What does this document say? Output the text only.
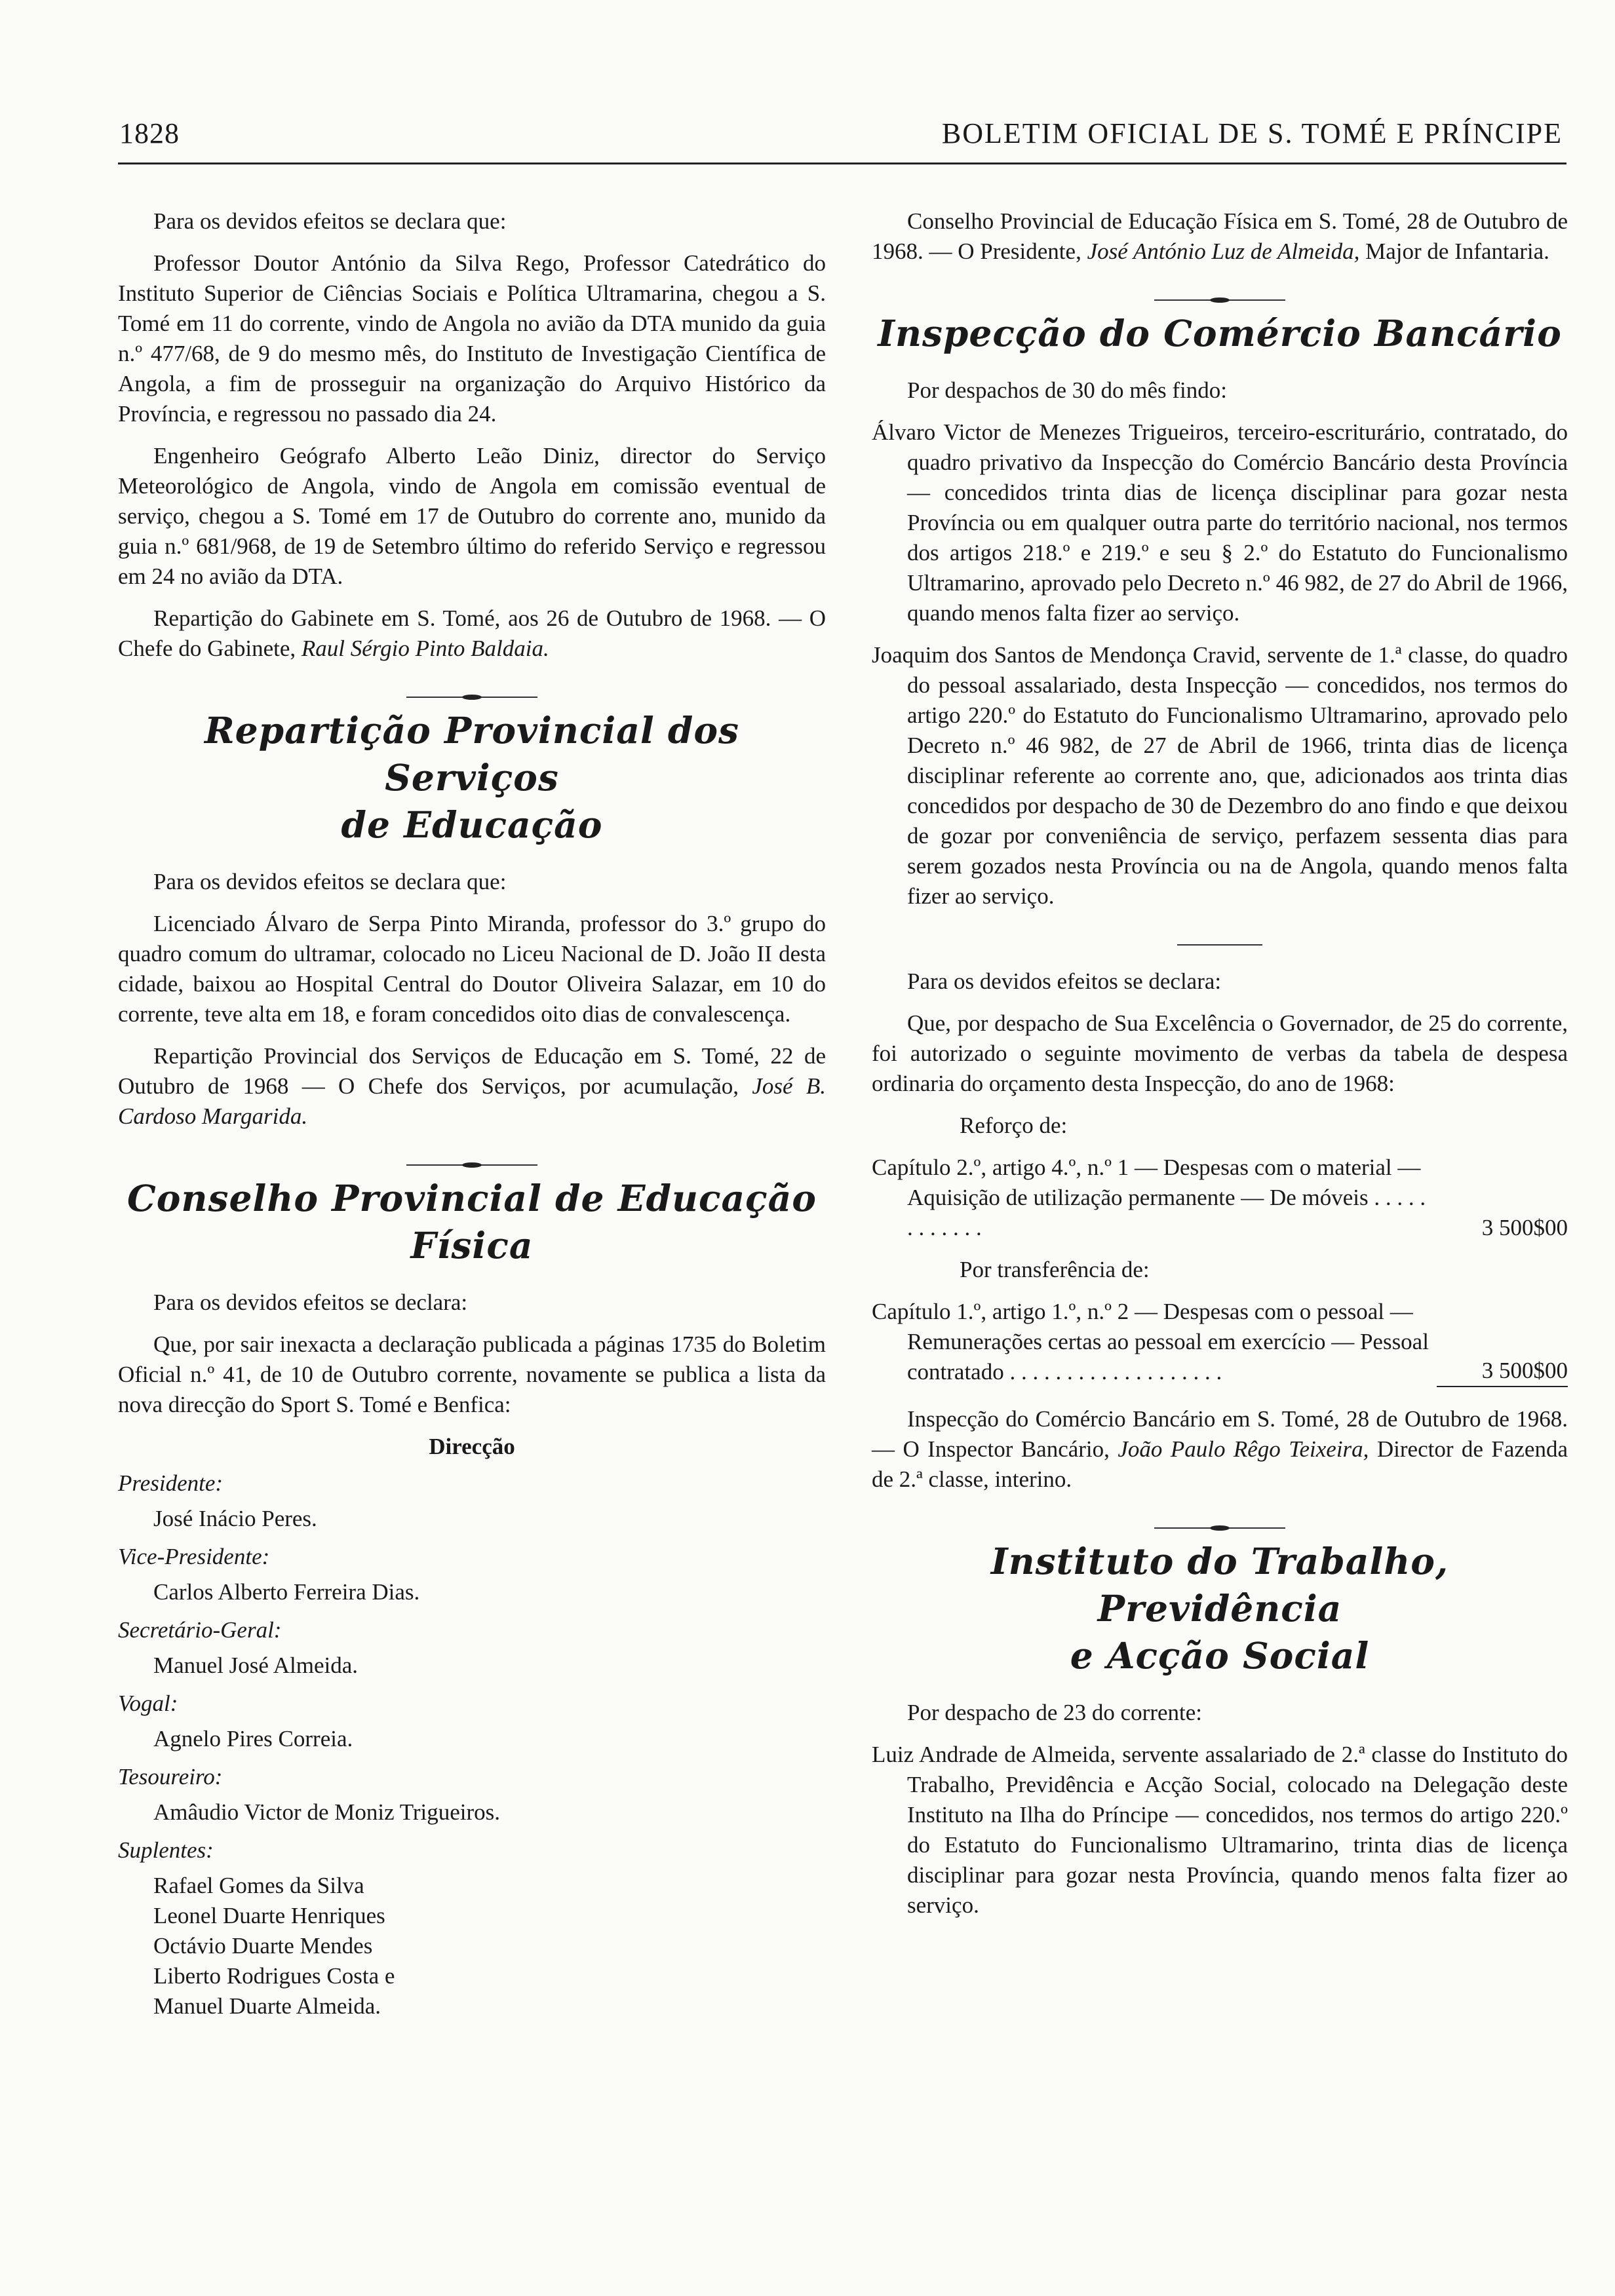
1828	BOLETIM OFICIAL DE S. TOMÉ E PRÍNCIPE

Para os devidos efeitos se declara que:

Professor Doutor António da Silva Rego, Professor Catedrático do Instituto Superior de Ciências Sociais e Política Ultramarina, chegou a S. Tomé em 11 do corrente, vindo de Angola no avião da DTA munido da guia n.º 477/68, de 9 do mesmo mês, do Instituto de Investigação Científica de Angola, a fim de prosseguir na organização do Arquivo Histórico da Província, e regressou no passado dia 24.

Engenheiro Geógrafo Alberto Leão Diniz, director do Serviço Meteorológico de Angola, vindo de Angola em comissão eventual de serviço, chegou a S. Tomé em 17 de Outubro do corrente ano, munido da guia n.º 681/968, de 19 de Setembro último do referido Serviço e regressou em 24 no avião da DTA.

Repartição do Gabinete em S. Tomé, aos 26 de Outubro de 1968. — O Chefe do Gabinete, Raul Sérgio Pinto Baldaia.

Repartição Provincial dos Serviços
de Educação

Para os devidos efeitos se declara que:

Licenciado Álvaro de Serpa Pinto Miranda, professor do 3.º grupo do quadro comum do ultramar, colocado no Liceu Nacional de D. João II desta cidade, baixou ao Hospital Central do Doutor Oliveira Salazar, em 10 do corrente, teve alta em 18, e foram concedidos oito dias de convalescença.

Repartição Provincial dos Serviços de Educação em S. Tomé, 22 de Outubro de 1968 — O Chefe dos Serviços, por acumulação, José B. Cardoso Margarida.

Conselho Provincial de Educação Física

Para os devidos efeitos se declara:

Que, por sair inexacta a declaração publicada a páginas 1735 do Boletim Oficial n.º 41, de 10 de Outubro corrente, novamente se publica a lista da nova direcção do Sport S. Tomé e Benfica:

Direcção
Presidente:
José Inácio Peres.
Vice-Presidente:
Carlos Alberto Ferreira Dias.
Secretário-Geral:
Manuel José Almeida.
Vogal:
Agnelo Pires Correia.
Tesoureiro:
Amâudio Victor de Moniz Trigueiros.
Suplentes:
Rafael Gomes da Silva
Leonel Duarte Henriques
Octávio Duarte Mendes
Liberto Rodrigues Costa e
Manuel Duarte Almeida.

Conselho Provincial de Educação Física em S. Tomé, 28 de Outubro de 1968. — O Presidente, José António Luz de Almeida, Major de Infantaria.

Inspecção do Comércio Bancário

Por despachos de 30 do mês findo:

Álvaro Victor de Menezes Trigueiros, terceiro-escriturário, contratado, do quadro privativo da Inspecção do Comércio Bancário desta Província — concedidos trinta dias de licença disciplinar para gozar nesta Província ou em qualquer outra parte do território nacional, nos termos dos artigos 218.º e 219.º e seu § 2.º do Estatuto do Funcionalismo Ultramarino, aprovado pelo Decreto n.º 46 982, de 27 do Abril de 1966, quando menos falta fizer ao serviço.

Joaquim dos Santos de Mendonça Cravid, servente de 1.ª classe, do quadro do pessoal assalariado, desta Inspecção — concedidos, nos termos do artigo 220.º do Estatuto do Funcionalismo Ultramarino, aprovado pelo Decreto n.º 46 982, de 27 de Abril de 1966, trinta dias de licença disciplinar referente ao corrente ano, que, adicionados aos trinta dias concedidos por despacho de 30 de Dezembro do ano findo e que deixou de gozar por conveniência de serviço, perfazem sessenta dias para serem gozados nesta Província ou na de Angola, quando menos falta fizer ao serviço.

Para os devidos efeitos se declara:

Que, por despacho de Sua Excelência o Governador, de 25 do corrente, foi autorizado o seguinte movimento de verbas da tabela de despesa ordinaria do orçamento desta Inspecção, do ano de 1968:

Reforço de:

Capítulo 2.º, artigo 4.º, n.º 1 — Despesas com o material — Aquisição de utilização permanente — De móveis . . . . . . . . . . . .	3 500$00

Por transferência de:

Capítulo 1.º, artigo 1.º, n.º 2 — Despesas com o pessoal — Remunerações certas ao pessoal em exercício — Pessoal contratado . . . . . . . . . . . . . . . . . . .	3 500$00

Inspecção do Comércio Bancário em S. Tomé, 28 de Outubro de 1968. — O Inspector Bancário, João Paulo Rêgo Teixeira, Director de Fazenda de 2.ª classe, interino.

Instituto do Trabalho, Previdência
e Acção Social

Por despacho de 23 do corrente:

Luiz Andrade de Almeida, servente assalariado de 2.ª classe do Instituto do Trabalho, Previdência e Acção Social, colocado na Delegação deste Instituto na Ilha do Príncipe — concedidos, nos termos do artigo 220.º do Estatuto do Funcionalismo Ultramarino, trinta dias de licença disciplinar para gozar nesta Província, quando menos falta fizer ao serviço.
